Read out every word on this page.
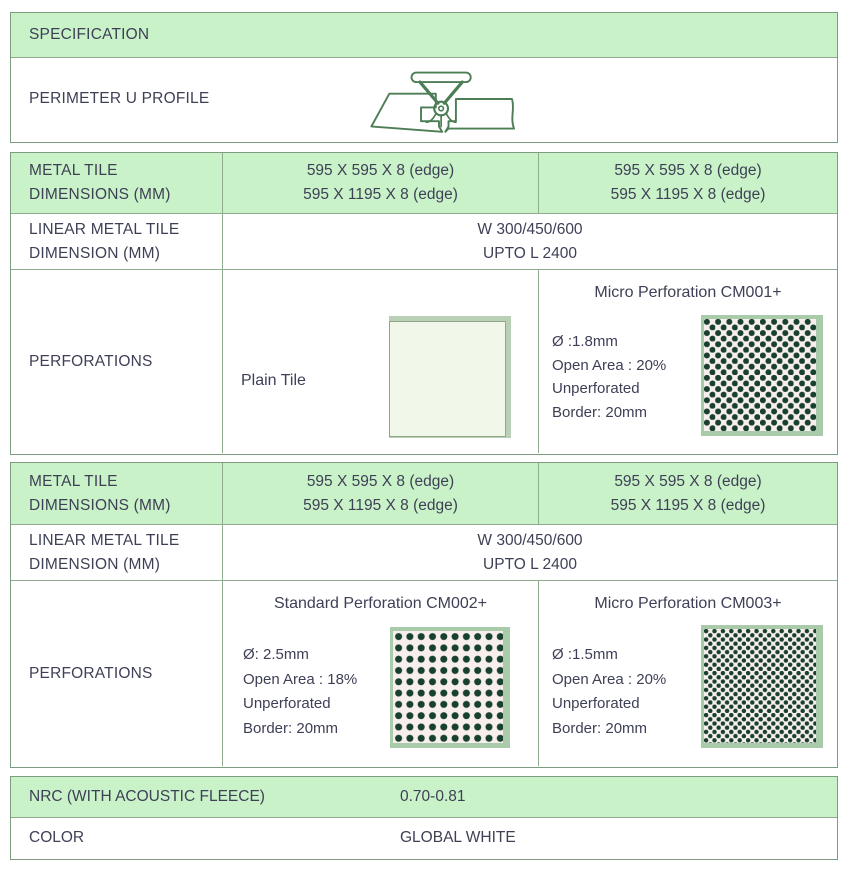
SPECIFICATION
PERIMETER U PROFILE
METAL TILE
DIMENSIONS (MM)
595 X 595 X 8 (edge)
595 X 1195 X 8 (edge)
595 X 595 X 8 (edge)
595 X 1195 X 8 (edge)
LINEAR METAL TILE
DIMENSION (MM)
W 300/450/600
UPTO L 2400
PERFORATIONS
Plain Tile
Micro Perforation CM001+
Ø :1.8mm
Open Area : 20%
Unperforated
Border: 20mm
METAL TILE
DIMENSIONS (MM)
595 X 595 X 8 (edge)
595 X 1195 X 8 (edge)
595 X 595 X 8 (edge)
595 X 1195 X 8 (edge)
LINEAR METAL TILE
DIMENSION (MM)
W 300/450/600
UPTO L 2400
PERFORATIONS
Standard Perforation CM002+
Ø: 2.5mm
Open Area : 18%
Unperforated
Border: 20mm
Micro Perforation CM003+
Ø :1.5mm
Open Area : 20%
Unperforated
Border: 20mm
NRC (WITH ACOUSTIC FLEECE)	0.70-0.81
COLOR	GLOBAL WHITE
